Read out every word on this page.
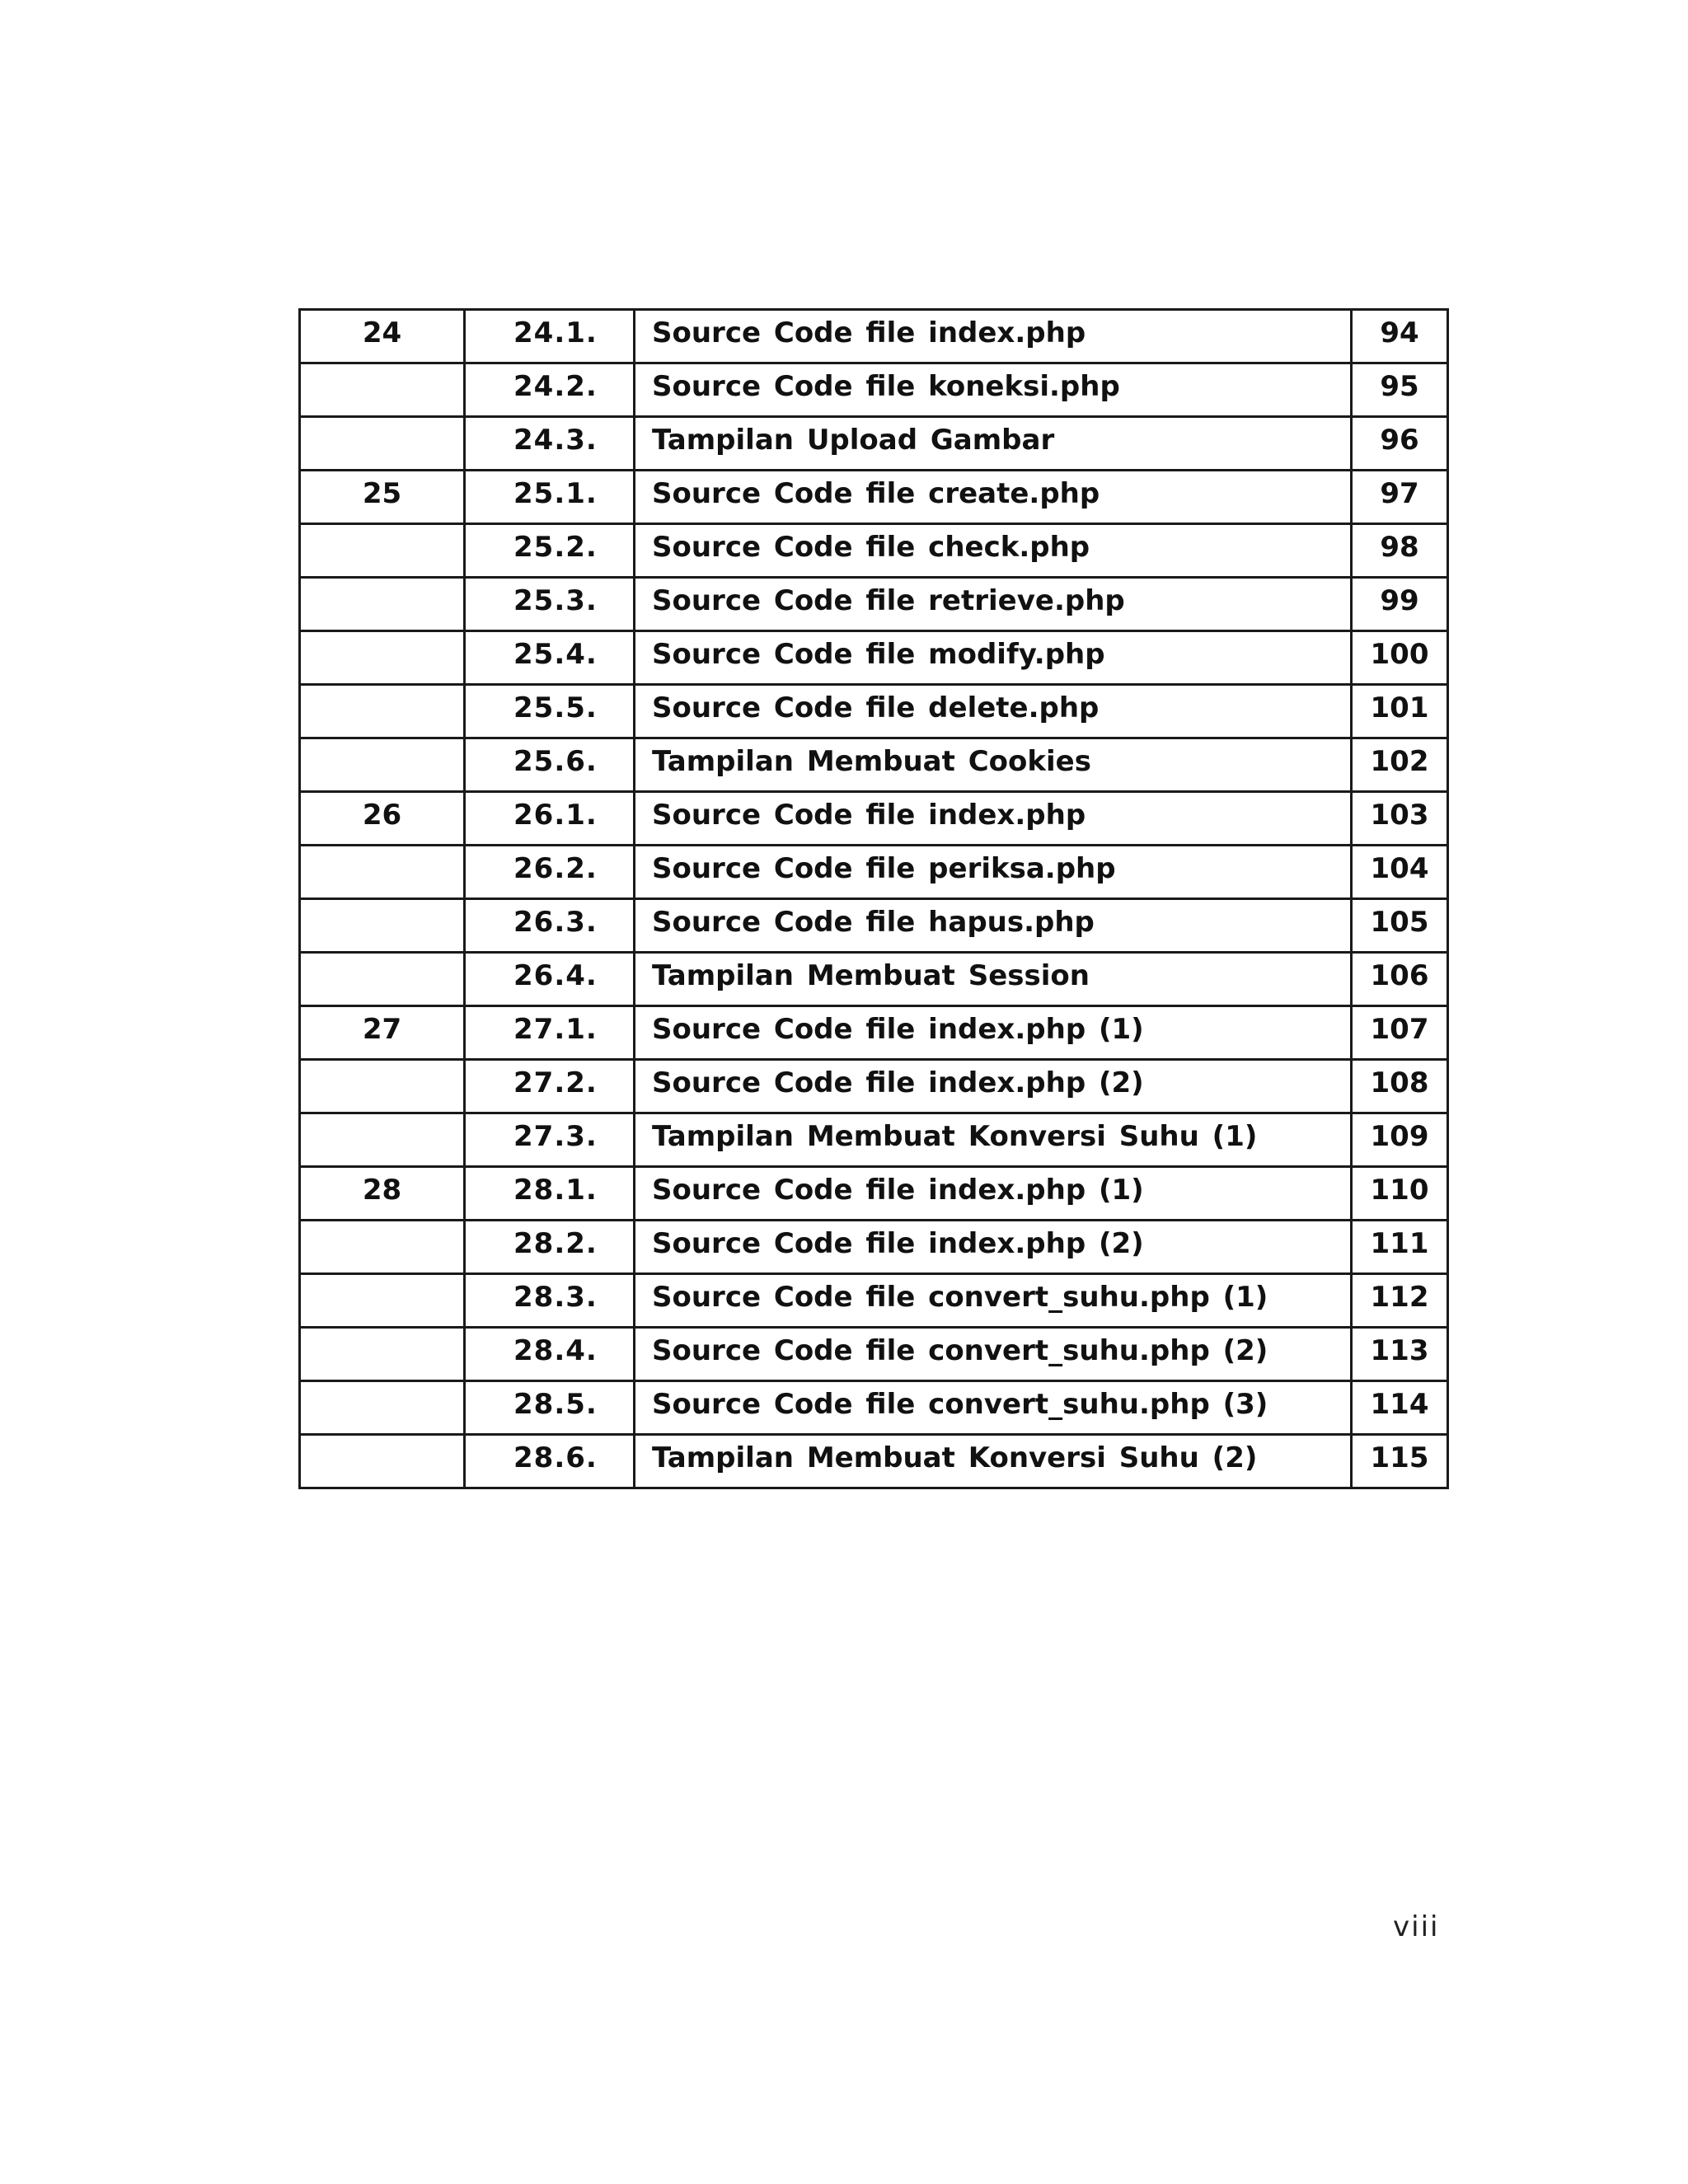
24	24.1.	Source Code file index.php	94

	24.2.	Source Code file koneksi.php	95

	24.3.	Tampilan Upload Gambar	96

25	25.1.	Source Code file create.php	97

	25.2.	Source Code file check.php	98

	25.3.	Source Code file retrieve.php	99

	25.4.	Source Code file modify.php	100

	25.5.	Source Code file delete.php	101

	25.6.	Tampilan Membuat Cookies	102

26	26.1.	Source Code file index.php	103

	26.2.	Source Code file periksa.php	104

	26.3.	Source Code file hapus.php	105

	26.4.	Tampilan Membuat Session	106

27	27.1.	Source Code file index.php (1)	107

	27.2.	Source Code file index.php (2)	108

	27.3.	Tampilan Membuat Konversi Suhu (1)	109

28	28.1.	Source Code file index.php (1)	110

	28.2.	Source Code file index.php (2)	111

	28.3.	Source Code file convert_suhu.php (1)	112

	28.4.	Source Code file convert_suhu.php (2)	113

	28.5.	Source Code file convert_suhu.php (3)	114

	28.6.	Tampilan Membuat Konversi Suhu (2)	115
viii
